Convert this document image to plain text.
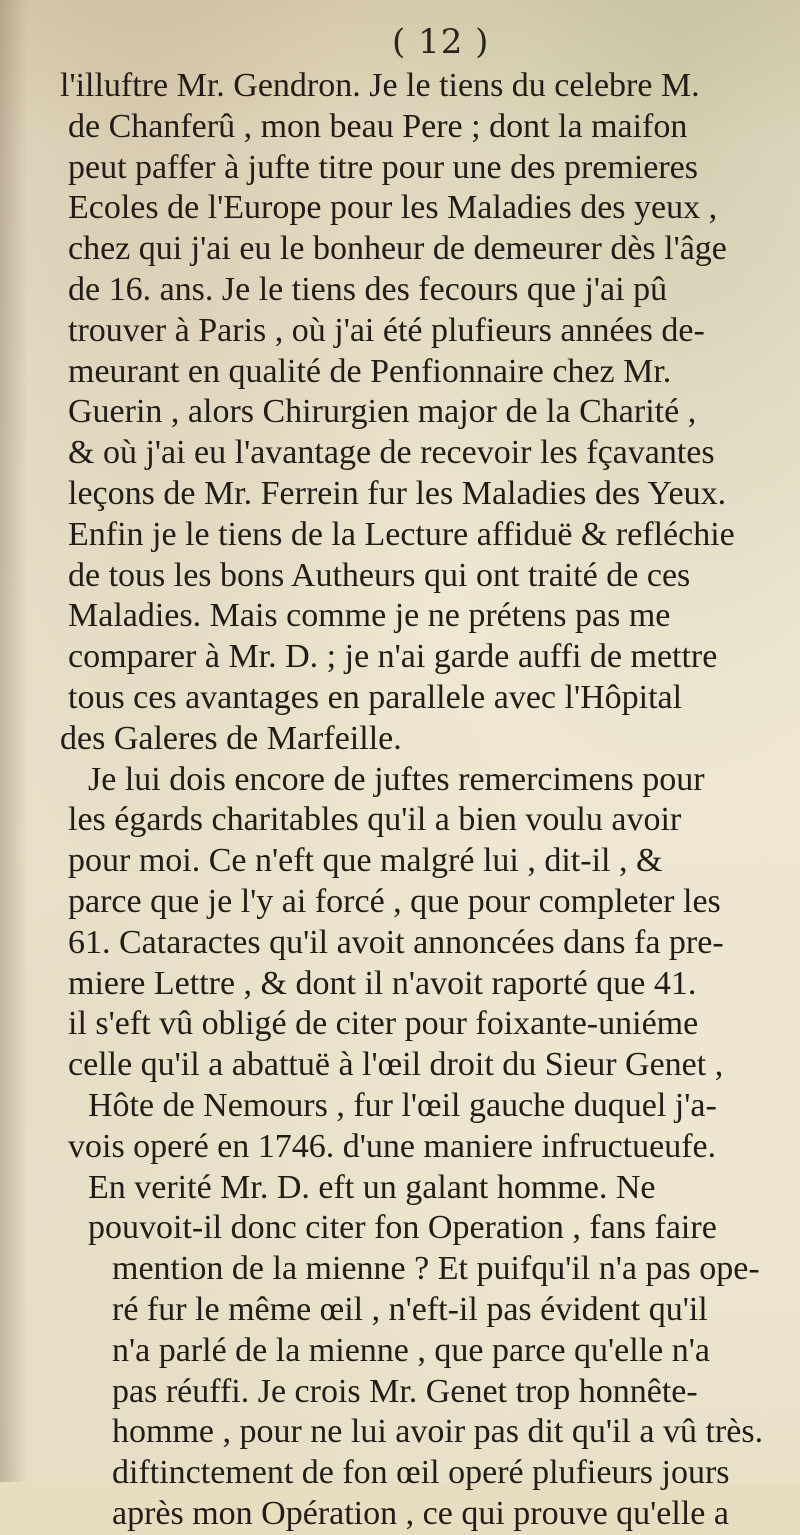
( 12 )
l'illuftre Mr. Gendron. Je le tiens du celebre M.
de Chanferû , mon beau Pere ; dont la maifon
peut paffer à jufte titre pour une des premieres
Ecoles de l'Europe pour les Maladies des yeux ,
chez qui j'ai eu le bonheur de demeurer dès l'âge
de 16. ans. Je le tiens des fecours que j'ai pû
trouver à Paris , où j'ai été plufieurs années de-
meurant en qualité de Penfionnaire chez Mr.
Guerin , alors Chirurgien major de la Charité ,
& où j'ai eu l'avantage de recevoir les fçavantes
leçons de Mr. Ferrein fur les Maladies des Yeux.
Enfin je le tiens de la Lecture affiduë & refléchie
de tous les bons Autheurs qui ont traité de ces
Maladies. Mais comme je ne prétens pas me
comparer à Mr. D. ; je n'ai garde auffi de mettre
tous ces avantages en parallele avec l'Hôpital
des Galeres de Marfeille.
Je lui dois encore de juftes remercimens pour
les égards charitables qu'il a bien voulu avoir
pour moi. Ce n'eft que malgré lui , dit-il , &
parce que je l'y ai forcé , que pour completer les
61. Cataractes qu'il avoit annoncées dans fa pre-
miere Lettre , & dont il n'avoit raporté que 41.
il s'eft vû obligé de citer pour foixante-uniéme
celle qu'il a abattuë à l'œil droit du Sieur Genet ,
Hôte de Nemours , fur l'œil gauche duquel j'a-
vois operé en 1746. d'une maniere infructueufe.
En verité Mr. D. eft un galant homme. Ne
pouvoit-il donc citer fon Operation , fans faire
mention de la mienne ? Et puifqu'il n'a pas ope-
ré fur le même œil , n'eft-il pas évident qu'il
n'a parlé de la mienne , que parce qu'elle n'a
pas réuffi. Je crois Mr. Genet trop honnête-
homme , pour ne lui avoir pas dit qu'il a vû très.
diftinctement de fon œil operé plufieurs jours
après mon Opération , ce qui prouve qu'elle a
